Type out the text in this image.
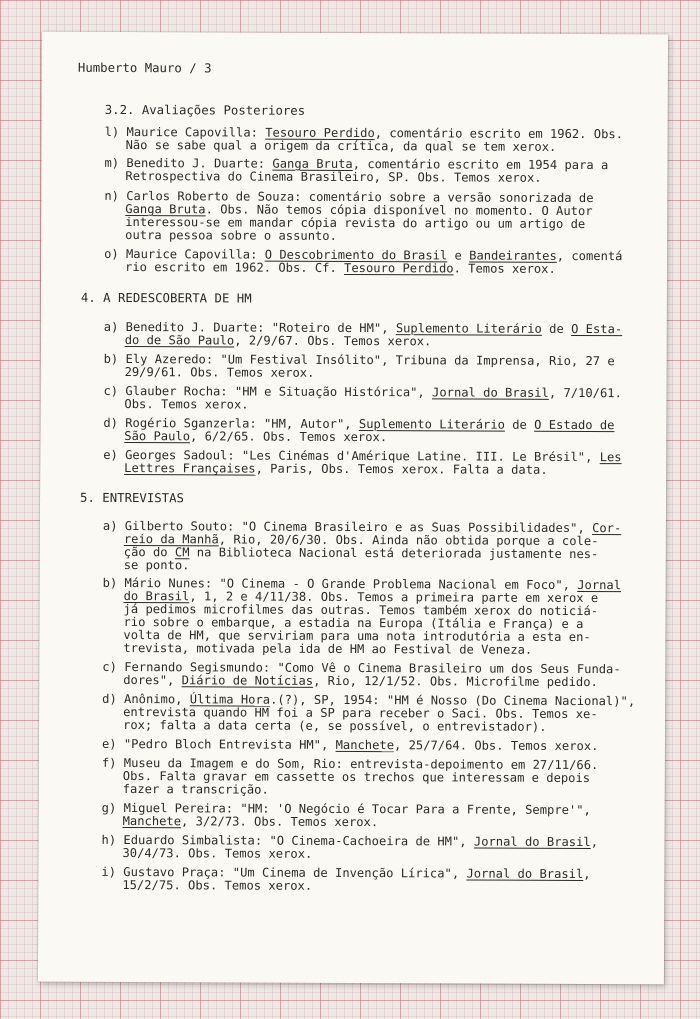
Humberto Mauro / 3
3.2. Avaliações Posteriores
l) Maurice Capovilla: Tesouro Perdido, comentário escrito em 1962. Obs.
Não se sabe qual a origem da crítica, da qual se tem xerox.
m) Benedito J. Duarte: Ganga Bruta, comentário escrito em 1954 para a
Retrospectiva do Cinema Brasileiro, SP. Obs. Temos xerox.
n) Carlos Roberto de Souza: comentário sobre a versão sonorizada de
Ganga Bruta. Obs. Não temos cópia disponível no momento. O Autor
interessou-se em mandar cópia revista do artigo ou um artigo de
outra pessoa sobre o assunto.
o) Maurice Capovilla: O Descobrimento do Brasil e Bandeirantes, comentá
rio escrito em 1962. Obs. Cf. Tesouro Perdido. Temos xerox.
4. A REDESCOBERTA DE HM
a) Benedito J. Duarte: "Roteiro de HM", Suplemento Literário de O Esta-
do de São Paulo, 2/9/67. Obs. Temos xerox.
b) Ely Azeredo: "Um Festival Insólito", Tribuna da Imprensa, Rio, 27 e
29/9/61. Obs. Temos xerox.
c) Glauber Rocha: "HM e Situação Histórica", Jornal do Brasil, 7/10/61.
Obs. Temos xerox.
d) Rogério Sganzerla: "HM, Autor", Suplemento Literário de O Estado de
São Paulo, 6/2/65. Obs. Temos xerox.
e) Georges Sadoul: "Les Cinémas d'Amérique Latine. III. Le Brésil", Les
Lettres Françaises, Paris, Obs. Temos xerox. Falta a data.
5. ENTREVISTAS
a) Gilberto Souto: "O Cinema Brasileiro e as Suas Possibilidades", Cor-
reio da Manhã, Rio, 20/6/30. Obs. Ainda não obtida porque a cole-
ção do CM na Biblioteca Nacional está deteriorada justamente nes-
se ponto.
b) Mário Nunes: "O Cinema - O Grande Problema Nacional em Foco", Jornal
do Brasil, 1, 2 e 4/11/38. Obs. Temos a primeira parte em xerox e
já pedimos microfilmes das outras. Temos também xerox do noticiá-
rio sobre o embarque, a estadia na Europa (Itália e França) e a
volta de HM, que serviriam para uma nota introdutória a esta en-
trevista, motivada pela ida de HM ao Festival de Veneza.
c) Fernando Segismundo: "Como Vê o Cinema Brasileiro um dos Seus Funda-
dores", Diário de Notícias, Rio, 12/1/52. Obs. Microfilme pedido.
d) Anônimo, Última Hora.(?), SP, 1954: "HM é Nosso (Do Cinema Nacional)",
entrevista quando HM foi a SP para receber o Saci. Obs. Temos xe-
rox; falta a data certa (e, se possível, o entrevistador).
e) "Pedro Bloch Entrevista HM", Manchete, 25/7/64. Obs. Temos xerox.
f) Museu da Imagem e do Som, Rio: entrevista-depoimento em 27/11/66.
Obs. Falta gravar em cassette os trechos que interessam e depois
fazer a transcrição.
g) Miguel Pereira: "HM: 'O Negócio é Tocar Para a Frente, Sempre'",
Manchete, 3/2/73. Obs. Temos xerox.
h) Eduardo Simbalista: "O Cinema-Cachoeira de HM", Jornal do Brasil,
30/4/73. Obs. Temos xerox.
i) Gustavo Praça: "Um Cinema de Invenção Lírica", Jornal do Brasil,
15/2/75. Obs. Temos xerox.
